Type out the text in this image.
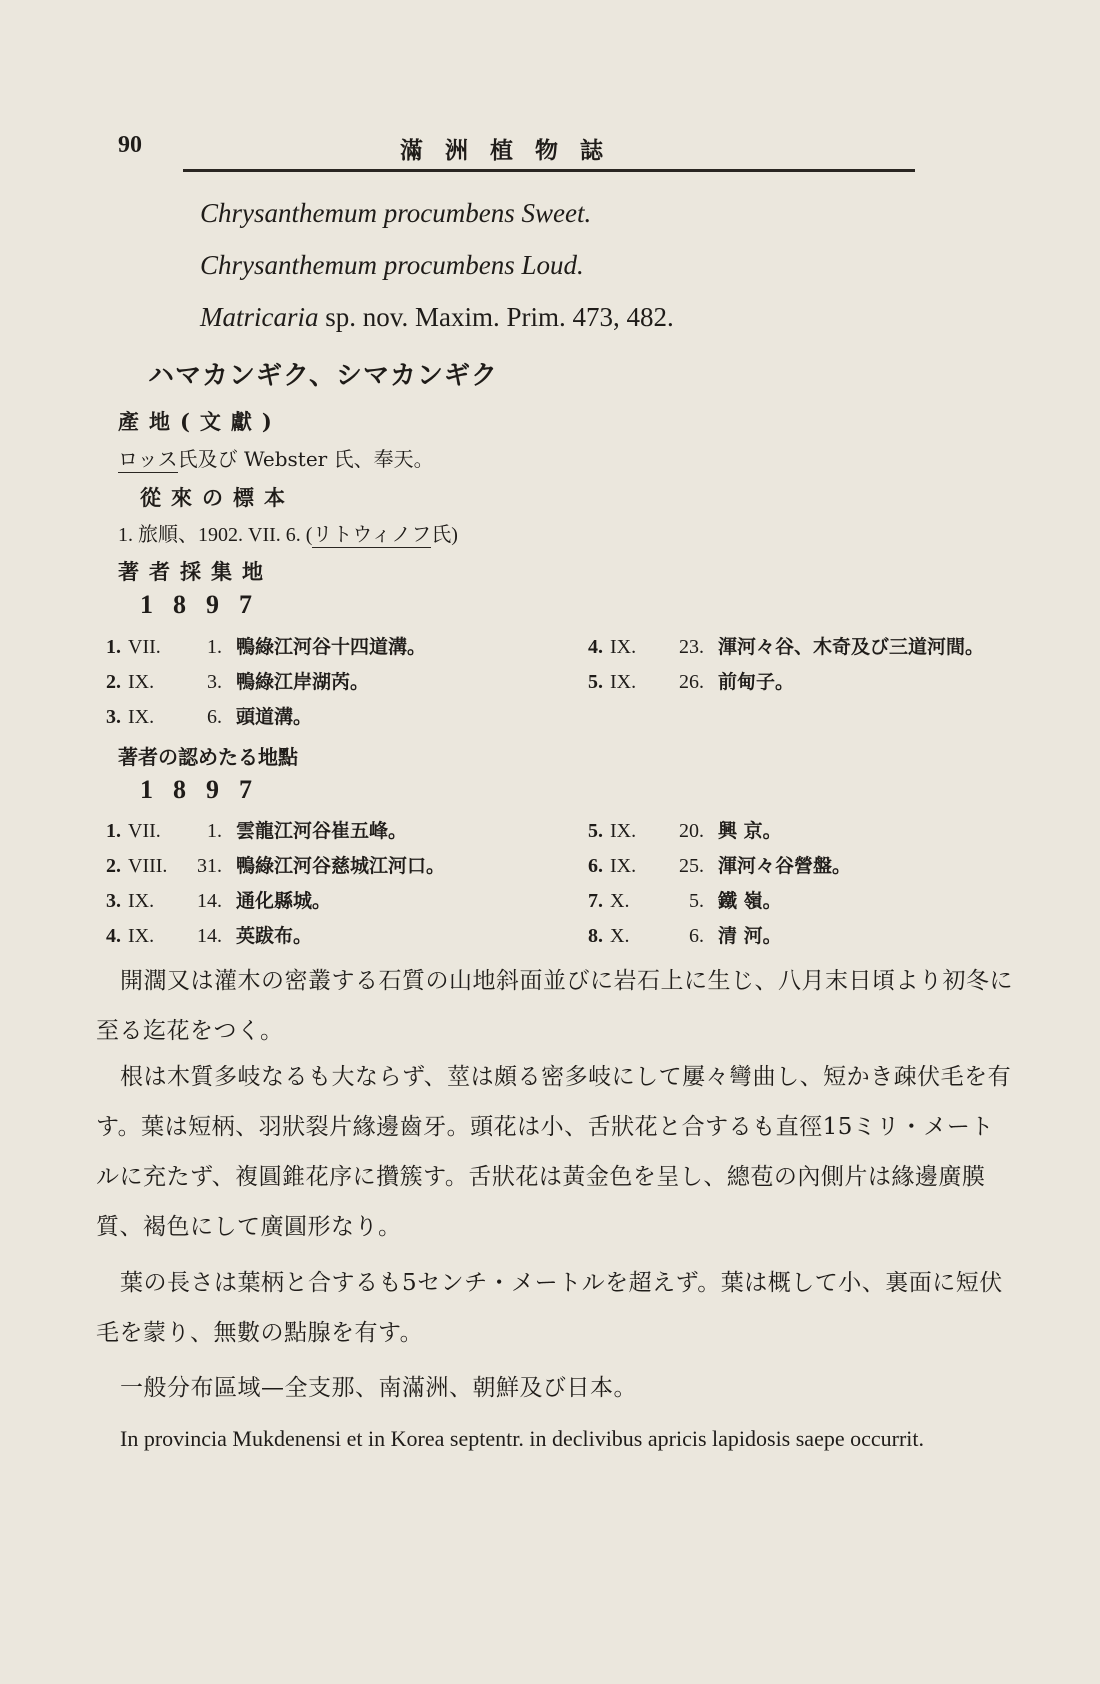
90	滿洲植物誌
Chrysanthemum procumbens Sweet.
Chrysanthemum procumbens Loud.
Matricaria sp. nov. Maxim. Prim. 473, 482.
ハマカンギク、シマカンギク
產地(文獻)
ロッス氏及び Webster 氏、奉天。
從來の標本
1. 旅順、1902. VII. 6. (リトウィノフ氏)
著者採集地
1897
1. VII. 1. 鴨綠江河谷十四道溝。
2. IX.	3. 鴨綠江岸湖芮。
3. IX.	6. 頭道溝。
4. IX. 23. 渾河々谷、木奇及び三道河間。
5. IX. 26. 前甸子。
著者の認めたる地點
1897
1. VII. 1. 雲龍江河谷崔五峰。
2. VIII. 31. 鴨綠江河谷慈城江河口。
3. IX. 14. 通化縣城。
4. IX. 14. 英跋布。
5. IX. 20. 興 京。
6. IX. 25. 渾河々谷營盤。
7. X.	5. 鐵 嶺。
8. X.	6. 清 河。
開濶又は灌木の密叢する石質の山地斜面並びに岩石上に生じ、八月末日頃より初冬に至る迄花をつく。
根は木質多岐なるも大ならず、莖は頗る密多岐にして屢々彎曲し、短かき疎伏毛を有す。葉は短柄、羽狀裂片緣邊齒牙。頭花は小、舌狀花と合するも直徑15ミリ・メートルに充たず、複圓錐花序に攢簇す。舌狀花は黃金色を呈し、總苞の內側片は緣邊廣膜質、褐色にして廣圓形なり。
葉の長さは葉柄と合するも5センチ・メートルを超えず。葉は概して小、裏面に短伏毛を蒙り、無數の點腺を有す。
一般分布區域—全支那、南滿洲、朝鮮及び日本。
In provincia Mukdenensi et in Korea septentr. in declivibus apricis lapidosis saepe occurrit.
